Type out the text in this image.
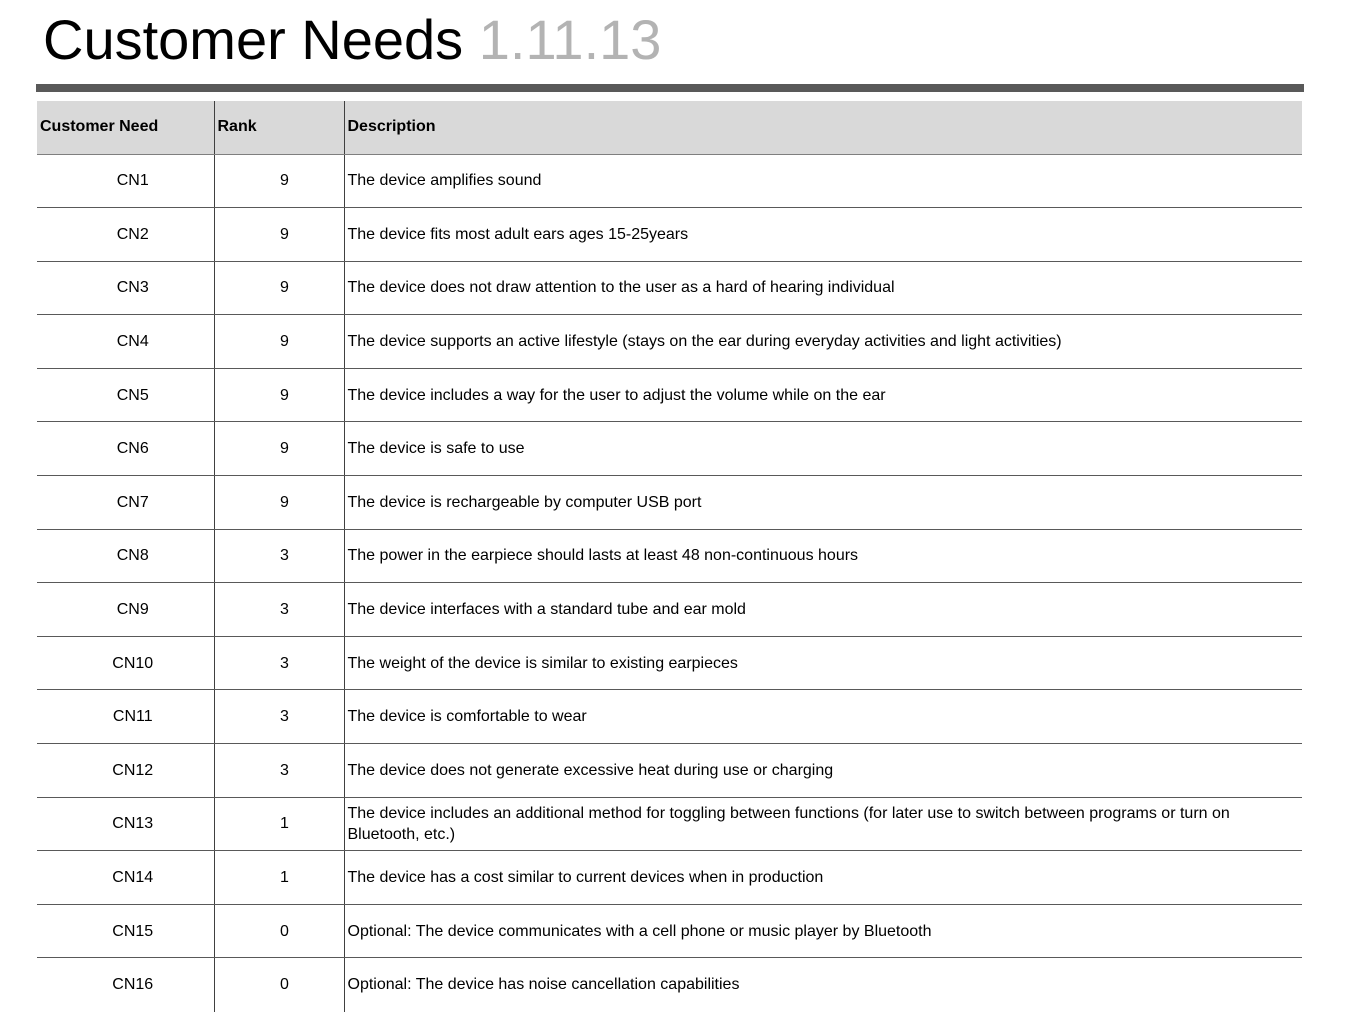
Customer Needs 1.11.13
Customer Need	Rank	Description
CN1	9	The device amplifies sound
CN2	9	The device fits most adult ears ages 15-25years
CN3	9	The device does not draw attention to the user as a hard of hearing individual
CN4	9	The device supports an active lifestyle (stays on the ear during everyday activities and light activities)
CN5	9	The device includes a way for the user to adjust the volume while on the ear
CN6	9	The device is safe to use
CN7	9	The device is rechargeable by computer USB port
CN8	3	The power in the earpiece should lasts at least 48 non-continuous hours
CN9	3	The device interfaces with a standard tube and ear mold
CN10	3	The weight of the device is similar to existing earpieces
CN11	3	The device is comfortable to wear
CN12	3	The device does not generate excessive heat during use or charging
CN13	1	The device includes an additional method for toggling between functions (for later use to switch between programs or turn on Bluetooth, etc.)
CN14	1	The device has a cost similar to current devices when in production
CN15	0	Optional: The device communicates with a cell phone or music player by Bluetooth
CN16	0	Optional: The device has noise cancellation capabilities
